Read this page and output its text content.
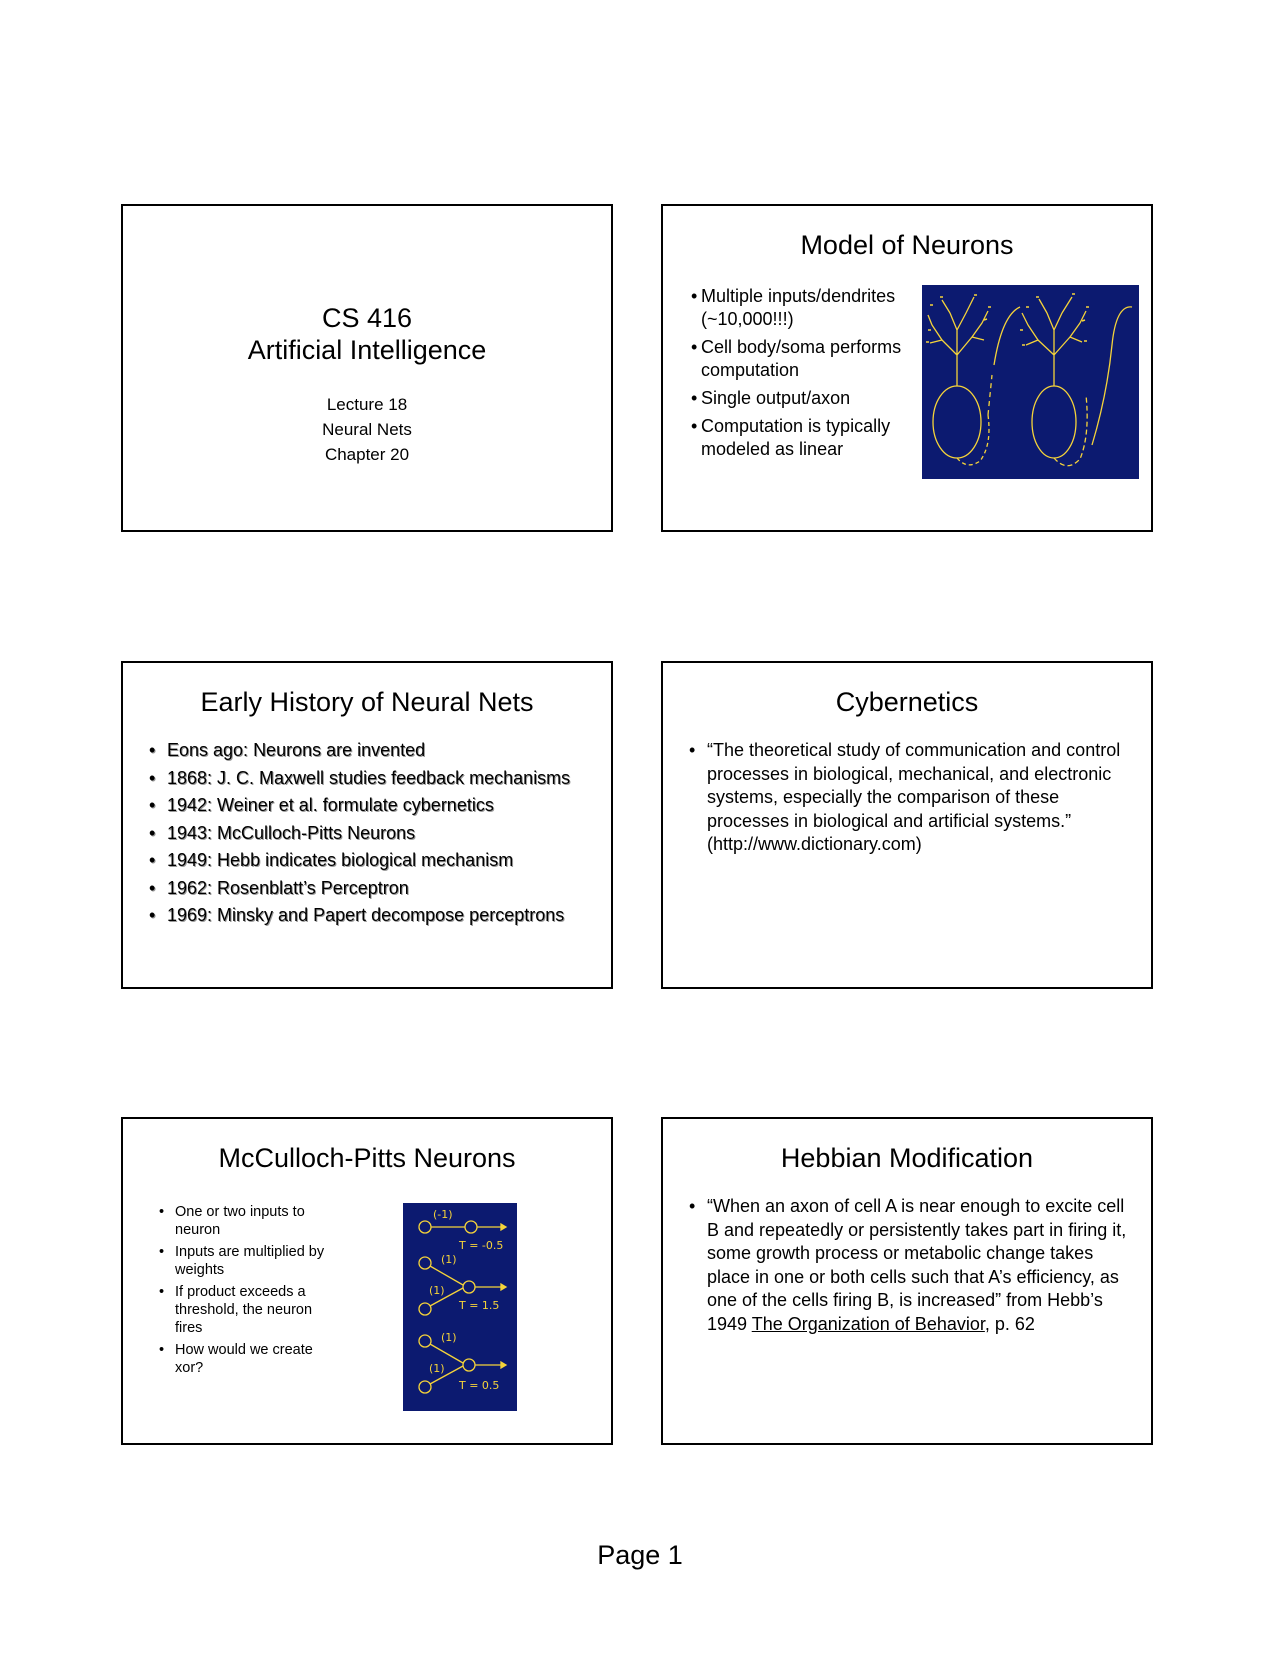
CS 416
Artificial Intelligence
Lecture 18
Neural Nets
Chapter 20
Model of Neurons
• Multiple inputs/dendrites (~10,000!!!)
• Cell body/soma performs computation
• Single output/axon
• Computation is typically modeled as linear
Early History of Neural Nets
• Eons ago: Neurons are invented
• 1868: J. C. Maxwell studies feedback mechanisms
• 1942: Weiner et al. formulate cybernetics
• 1943: McCulloch-Pitts Neurons
• 1949: Hebb indicates biological mechanism
• 1962: Rosenblatt’s Perceptron
• 1969: Minsky and Papert decompose perceptrons
Cybernetics
• “The theoretical study of communication and control processes in biological, mechanical, and electronic systems, especially the comparison of these processes in biological and artificial systems.” (http://www.dictionary.com)
McCulloch-Pitts Neurons
• One or two inputs to neuron
• Inputs are multiplied by weights
• If product exceeds a threshold, the neuron fires
• How would we create xor?
(-1)
T = -0.5
(1)
(1)
T = 1.5
(1)
(1)
T = 0.5
Hebbian Modification
• “When an axon of cell A is near enough to excite cell B and repeatedly or persistently takes part in firing it, some growth process or metabolic change takes place in one or both cells such that A’s efficiency, as one of the cells firing B, is increased” from Hebb’s 1949 The Organization of Behavior, p. 62
Page 1
